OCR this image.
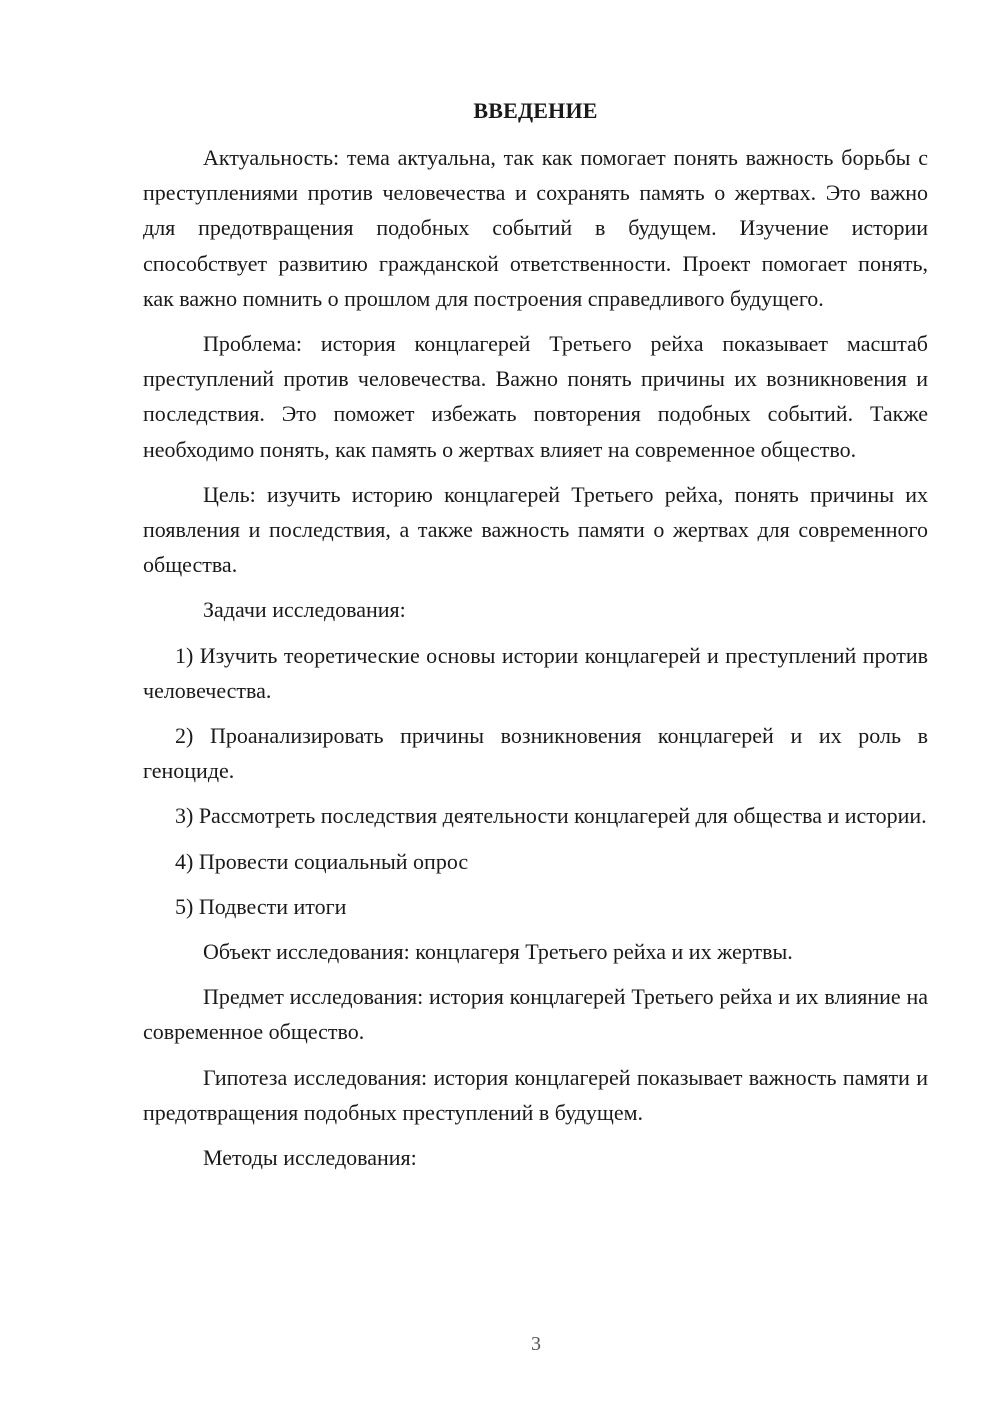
ВВЕДЕНИЕ

Актуальность: тема актуальна, так как помогает понять важность борьбы с преступлениями против человечества и сохранять память о жертвах. Это важно для предотвращения подобных событий в будущем. Изучение истории способствует развитию гражданской ответственности. Проект помогает понять, как важно помнить о прошлом для построения справедливого будущего.

Проблема: история концлагерей Третьего рейха показывает масштаб преступлений против человечества. Важно понять причины их возникновения и последствия. Это поможет избежать повторения подобных событий. Также необходимо понять, как память о жертвах влияет на современное общество.

Цель: изучить историю концлагерей Третьего рейха, понять причины их появления и последствия, а также важность памяти о жертвах для современного общества.

Задачи исследования:

1) Изучить теоретические основы истории концлагерей и преступлений против человечества.

2) Проанализировать причины возникновения концлагерей и их роль в геноциде.

3) Рассмотреть последствия деятельности концлагерей для общества и истории.

4) Провести социальный опрос

5) Подвести итоги

Объект исследования: концлагеря Третьего рейха и их жертвы.

Предмет исследования: история концлагерей Третьего рейха и их влияние на современное общество.

Гипотеза исследования: история концлагерей показывает важность памяти и предотвращения подобных преступлений в будущем.

Методы исследования:

3
